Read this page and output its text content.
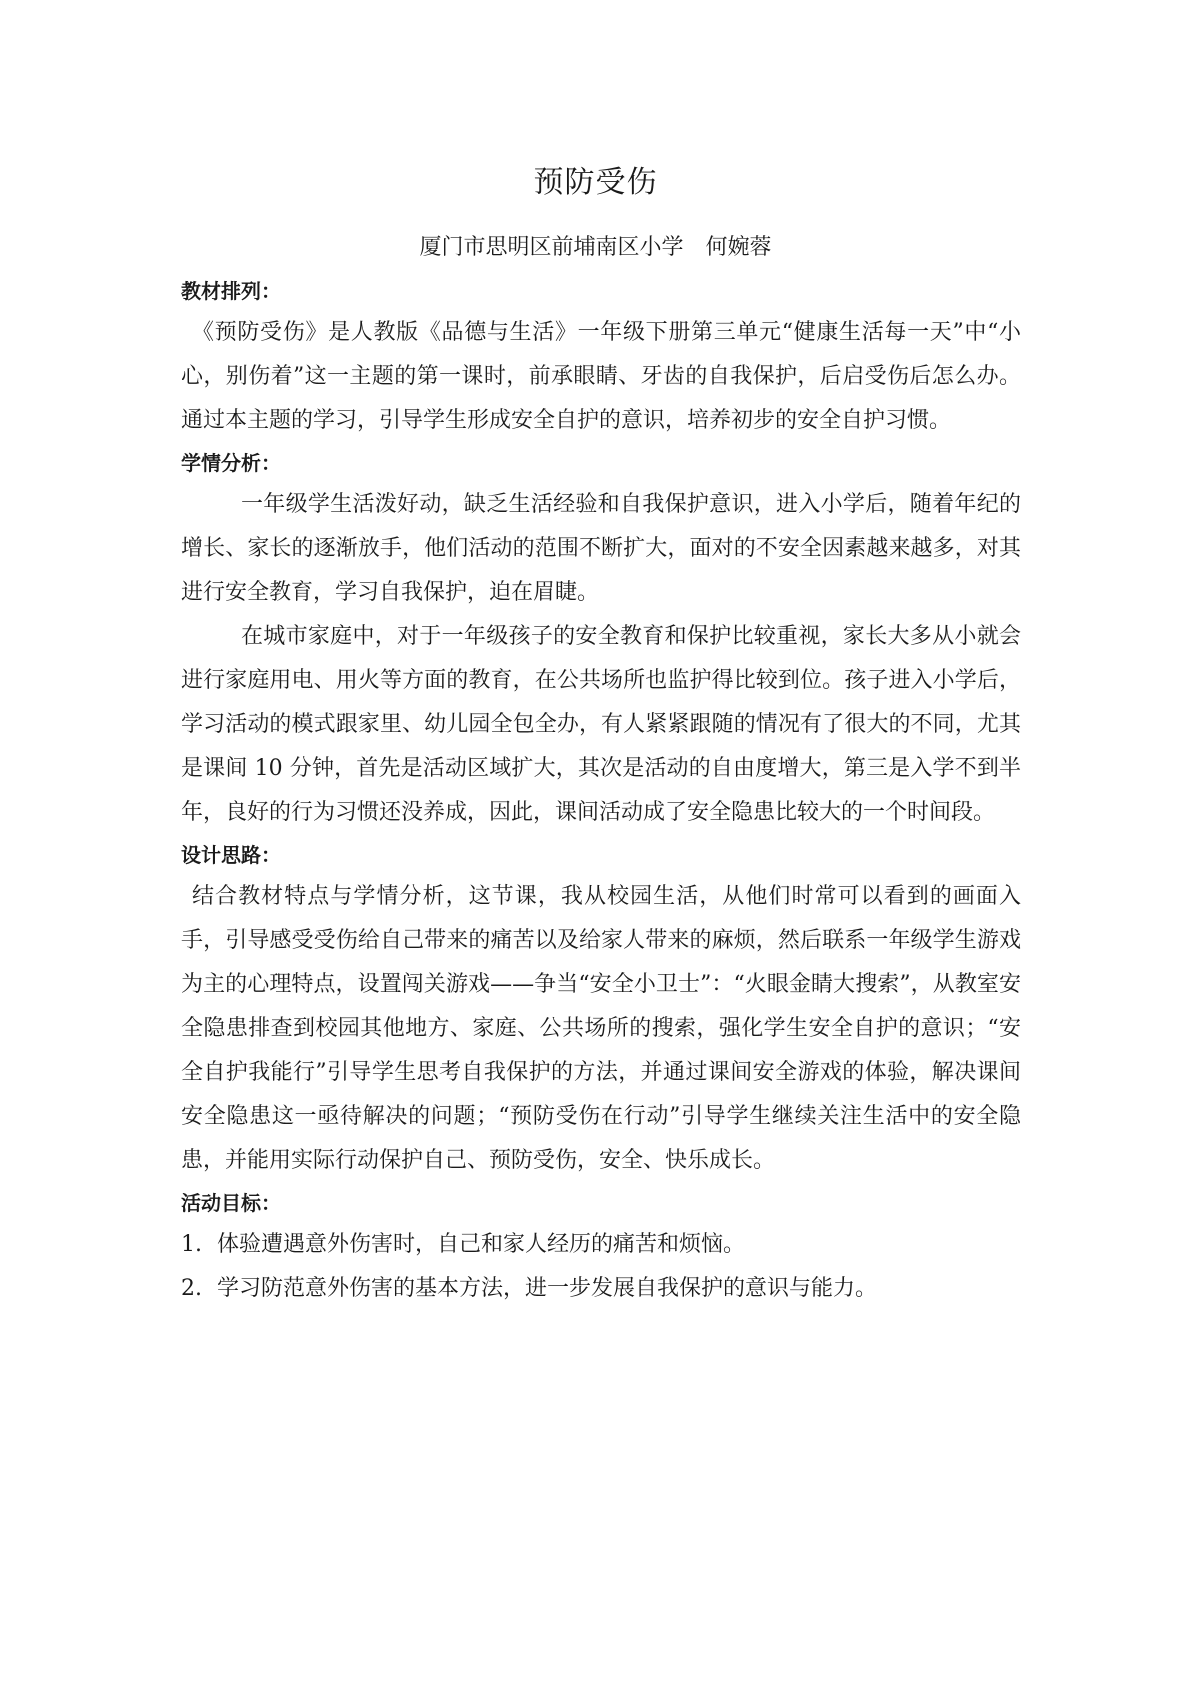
预防受伤
厦门市思明区前埔南区小学　何婉蓉
教材排列：

《预防受伤》是人教版《品德与生活》一年级下册第三单元“健康生活每一天”中“小心，别伤着”这一主题的第一课时，前承眼睛、牙齿的自我保护，后启受伤后怎么办。通过本主题的学习，引导学生形成安全自护的意识，培养初步的安全自护习惯。

学情分析：

一年级学生活泼好动，缺乏生活经验和自我保护意识，进入小学后，随着年纪的增长、家长的逐渐放手，他们活动的范围不断扩大，面对的不安全因素越来越多，对其进行安全教育，学习自我保护，迫在眉睫。

在城市家庭中，对于一年级孩子的安全教育和保护比较重视，家长大多从小就会进行家庭用电、用火等方面的教育，在公共场所也监护得比较到位。孩子进入小学后，学习活动的模式跟家里、幼儿园全包全办，有人紧紧跟随的情况有了很大的不同，尤其是课间 10 分钟，首先是活动区域扩大，其次是活动的自由度增大，第三是入学不到半年，良好的行为习惯还没养成，因此，课间活动成了安全隐患比较大的一个时间段。

设计思路：

结合教材特点与学情分析，这节课，我从校园生活，从他们时常可以看到的画面入手，引导感受受伤给自己带来的痛苦以及给家人带来的麻烦，然后联系一年级学生游戏为主的心理特点，设置闯关游戏——争当“安全小卫士”：“火眼金睛大搜索”，从教室安全隐患排查到校园其他地方、家庭、公共场所的搜索，强化学生安全自护的意识；“安全自护我能行”引导学生思考自我保护的方法，并通过课间安全游戏的体验，解决课间安全隐患这一亟待解决的问题；“预防受伤在行动”引导学生继续关注生活中的安全隐患，并能用实际行动保护自己、预防受伤，安全、快乐成长。

活动目标：
1. 体验遭遇意外伤害时，自己和家人经历的痛苦和烦恼。
2. 学习防范意外伤害的基本方法，进一步发展自我保护的意识与能力。
